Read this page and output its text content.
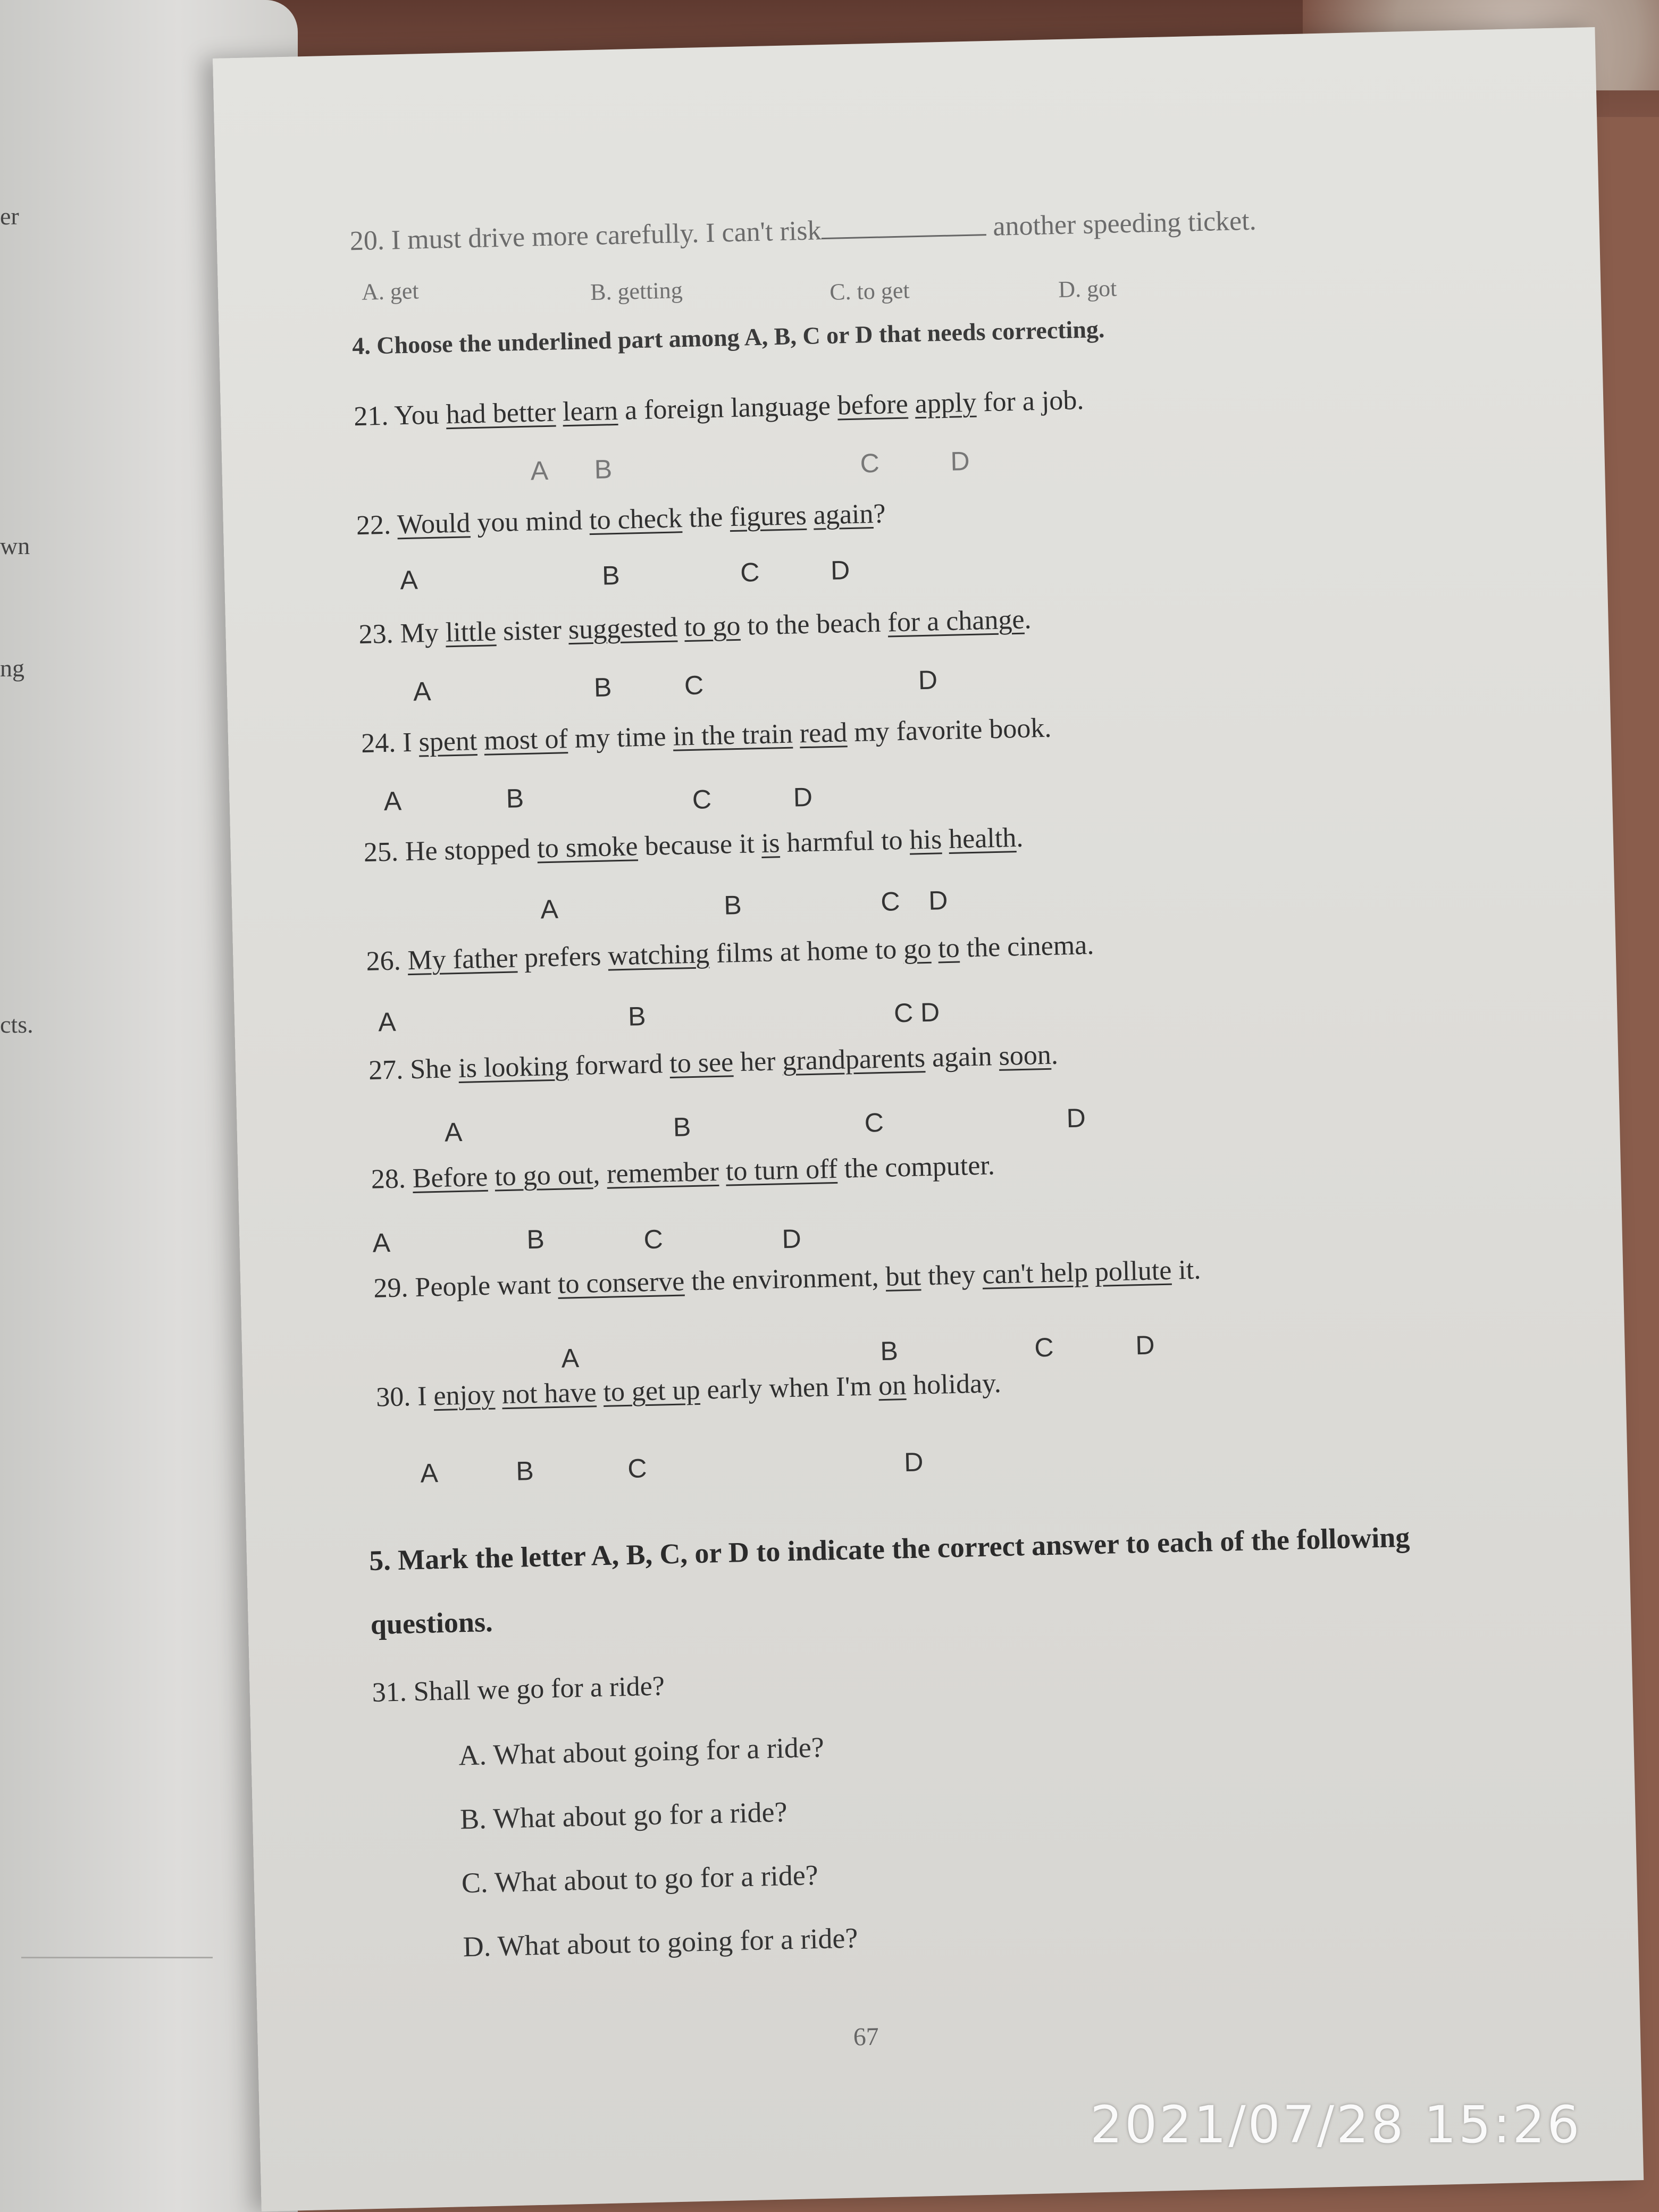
er
wn
ng
cts.
20. I must drive more carefully. I can't risk	another speeding ticket.
A. get	B. getting	C. to get	D. got
4. Choose the underlined part among A, B, C or D that needs correcting.
21. You had better learn a foreign language before apply for a job.
22. Would you mind to check the figures again?
23. My little sister suggested to go to the beach for a change.
24. I spent most of my time in the train read my favorite book.
25. He stopped to smoke because it is harmful to his health.
26. My father prefers watching films at home to go to the cinema.
27. She is looking forward to see her grandparents again soon.
28. Before to go out, remember to turn off the computer.
29. People want to conserve the environment, but they can't help pollute it.
30. I enjoy not have to get up early when I'm on holiday.
A B	C	D
A	B	C	D
A	B	C	D
A	B	C	D
A	B	C D
A	B	C D
A	B	C	D
A	B	C	D
A	B	C	D
A	B	C	D
5. Mark the letter A, B, C, or D to indicate the correct answer to each of the following
questions.
31. Shall we go for a ride?
A. What about going for a ride?
B. What about go for a ride?
C. What about to go for a ride?
D. What about to going for a ride?
67
2021/07/28 15:26
